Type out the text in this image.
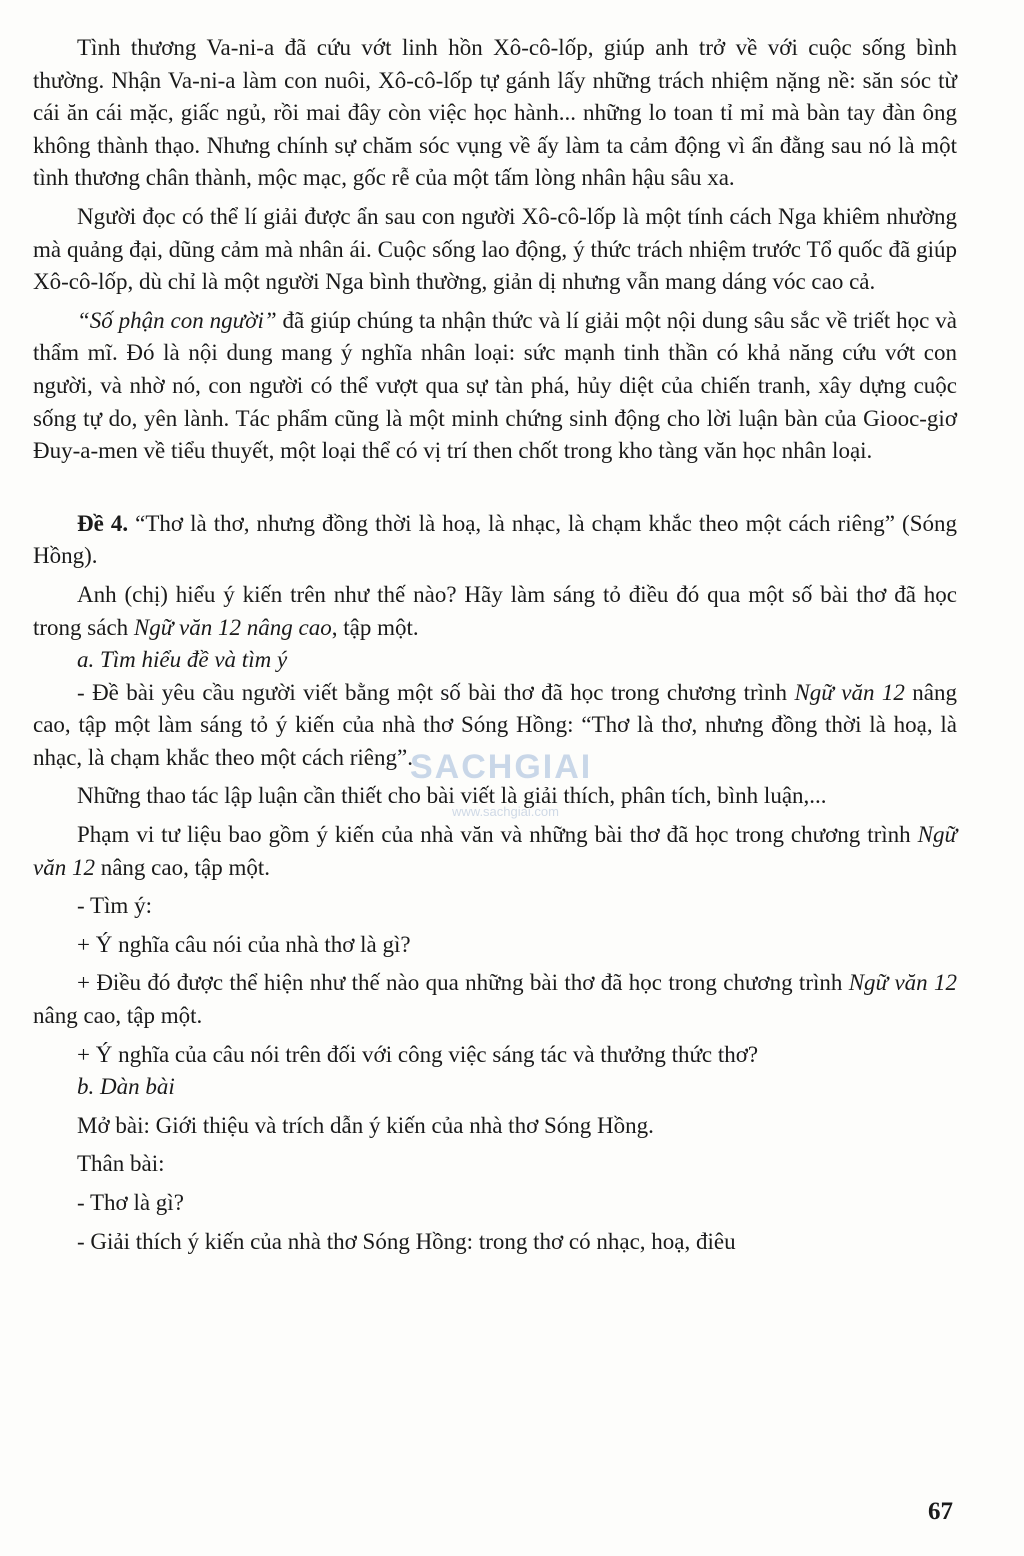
Tình thương Va-ni-a đã cứu vớt linh hồn Xô-cô-lốp, giúp anh trở về với cuộc sống bình thường. Nhận Va-ni-a làm con nuôi, Xô-cô-lốp tự gánh lấy những trách nhiệm nặng nề: săn sóc từ cái ăn cái mặc, giấc ngủ, rồi mai đây còn việc học hành... những lo toan tỉ mỉ mà bàn tay đàn ông không thành thạo. Nhưng chính sự chăm sóc vụng về ấy làm ta cảm động vì ẩn đằng sau nó là một tình thương chân thành, mộc mạc, gốc rễ của một tấm lòng nhân hậu sâu xa.

Người đọc có thể lí giải được ẩn sau con người Xô-cô-lốp là một tính cách Nga khiêm nhường mà quảng đại, dũng cảm mà nhân ái. Cuộc sống lao động, ý thức trách nhiệm trước Tổ quốc đã giúp Xô-cô-lốp, dù chỉ là một người Nga bình thường, giản dị nhưng vẫn mang dáng vóc cao cả.

“Số phận con người” đã giúp chúng ta nhận thức và lí giải một nội dung sâu sắc về triết học và thẩm mĩ. Đó là nội dung mang ý nghĩa nhân loại: sức mạnh tinh thần có khả năng cứu vớt con người, và nhờ nó, con người có thể vượt qua sự tàn phá, hủy diệt của chiến tranh, xây dựng cuộc sống tự do, yên lành. Tác phẩm cũng là một minh chứng sinh động cho lời luận bàn của Giooc-giơ Đuy-a-men về tiểu thuyết, một loại thể có vị trí then chốt trong kho tàng văn học nhân loại.

Đề 4. “Thơ là thơ, nhưng đồng thời là hoạ, là nhạc, là chạm khắc theo một cách riêng” (Sóng Hồng).

Anh (chị) hiểu ý kiến trên như thế nào? Hãy làm sáng tỏ điều đó qua một số bài thơ đã học trong sách Ngữ văn 12 nâng cao, tập một.

a. Tìm hiểu đề và tìm ý

- Đề bài yêu cầu người viết bằng một số bài thơ đã học trong chương trình Ngữ văn 12 nâng cao, tập một làm sáng tỏ ý kiến của nhà thơ Sóng Hồng: “Thơ là thơ, nhưng đồng thời là hoạ, là nhạc, là chạm khắc theo một cách riêng”.

Những thao tác lập luận cần thiết cho bài viết là giải thích, phân tích, bình luận,...

Phạm vi tư liệu bao gồm ý kiến của nhà văn và những bài thơ đã học trong chương trình Ngữ văn 12 nâng cao, tập một.

- Tìm ý:

+ Ý nghĩa câu nói của nhà thơ là gì?

+ Điều đó được thể hiện như thế nào qua những bài thơ đã học trong chương trình Ngữ văn 12 nâng cao, tập một.

+ Ý nghĩa của câu nói trên đối với công việc sáng tác và thưởng thức thơ?

b. Dàn bài

Mở bài: Giới thiệu và trích dẫn ý kiến của nhà thơ Sóng Hồng.

Thân bài:

- Thơ là gì?

- Giải thích ý kiến của nhà thơ Sóng Hồng: trong thơ có nhạc, hoạ, điêu

SACHGIAI
www.sachgiai.com
67
